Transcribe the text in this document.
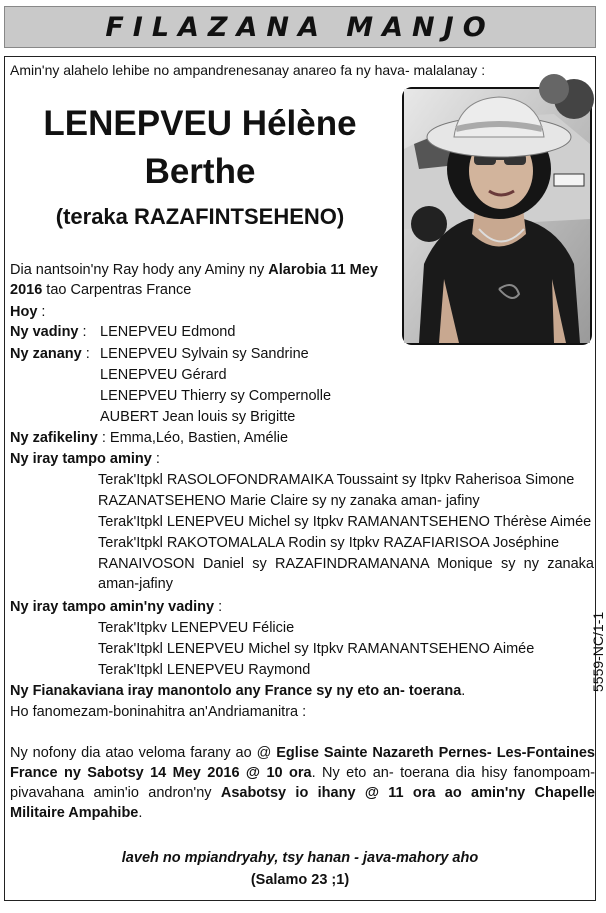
FILAZANA MANJO
Amin'ny alahelo lehibe no ampandrenesanay anareo fa ny hava- malalanay :
LENEPVEU Hélène
Berthe
(teraka RAZAFINTSEHENO)
Dia nantsoin'ny Ray hody any Aminy ny Alarobia 11 Mey
2016 tao Carpentras France
Hoy :
Ny vadiny : LENEPVEU Edmond
Ny zanany : LENEPVEU Sylvain sy Sandrine
LENEPVEU Gérard
LENEPVEU Thierry sy Compernolle
AUBERT Jean louis sy Brigitte
Ny zafikeliny : Emma,Léo, Bastien, Amélie
Ny iray tampo aminy :
Terak'Itpkl RASOLOFONDRAMAIKA Toussaint sy Itpkv Raherisoa Simone
RAZANATSEHENO Marie Claire sy ny zanaka aman- jafiny
Terak'Itpkl LENEPVEU Michel sy Itpkv RAMANANTSEHENO Thérèse Aimée
Terak'Itpkl RAKOTOMALALA Rodin sy Itpkv RAZAFIARISOA Joséphine
RANAIVOSON Daniel sy RAZAFINDRAMANANA Monique sy ny zanaka aman-jafiny
Ny iray tampo amin'ny vadiny :
Terak'Itpkv LENEPVEU Félicie
Terak'Itpkl LENEPVEU Michel sy Itpkv RAMANANTSEHENO Aimée
Terak'Itpkl LENEPVEU Raymond
Ny Fianakaviana iray manontolo any France sy ny eto an- toerana.
Ho fanomezam-boninahitra an'Andriamanitra :
Ny nofony dia atao veloma farany ao @ Eglise Sainte Nazareth Pernes- Les-Fontaines France ny Sabotsy 14 Mey 2016 @ 10 ora. Ny eto an- toerana dia hisy fanompoam-pivavahana amin'io andron'ny Asabotsy io ihany @ 11 ora ao amin'ny Chapelle Militaire Ampahibe.
laveh no mpiandryahy, tsy hanan - java-mahory aho
(Salamo 23 ;1)
5559-NC/1-1
